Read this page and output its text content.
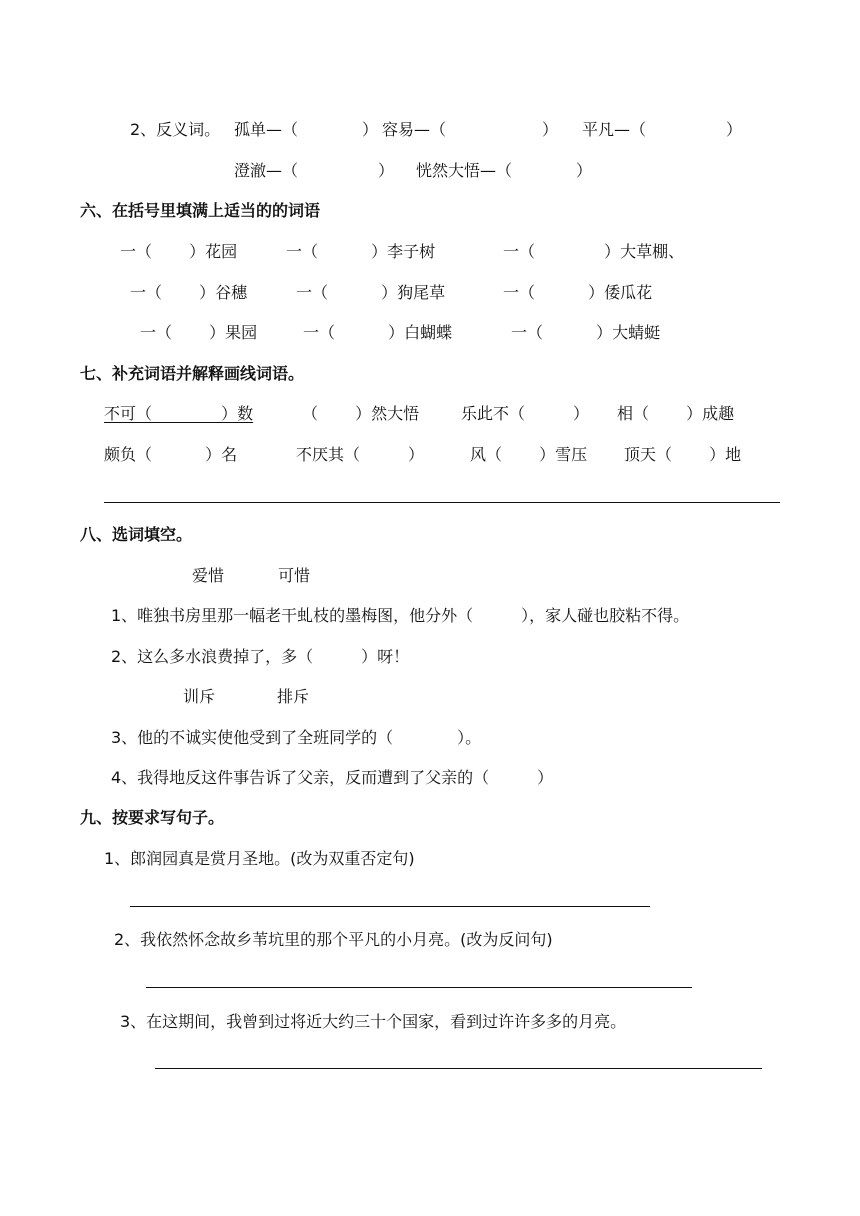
2、反义词。 孤单—（　　　　） 容易—（　　　　　　） 平凡—（　　　　　）
澄澈—（　　　　　） 恍然大悟—（　　　　）
六、在括号里填满上适当的的词语
一（　　 ）花园	一（　　　 ）李子树	一（　　　　 ）大草棚、
一（　　 ）谷穗	一（　　　 ）狗尾草	一（　　　 ）倭瓜花
一（　　 ）果园	一（　　　 ）白蝴蝶	一（　　　 ）大蜻蜓
七、补充词语并解释画线词语。
不可（　　　　 ）数	（　　 ）然大悟	乐此不（　　　） 相（　　 ）成趣
颇负（　　　 ）名	不厌其（　　　）	风（　　 ）雪压 顶天（　　 ）地
八、选词填空。
爱惜	可惜
1、唯独书房里那一幅老干虬枝的墨梅图，他分外（　　　），家人碰也胶粘不得。
2、这么多水浪费掉了，多（　　　）呀！
训斥	排斥
3、他的不诚实使他受到了全班同学的（　　　　）。
4、我得地反这件事告诉了父亲，反而遭到了父亲的（　　　）
九、按要求写句子。
1、郎润园真是赏月圣地。(改为双重否定句)
2、我依然怀念故乡苇坑里的那个平凡的小月亮。(改为反问句)
3、在这期间，我曾到过将近大约三十个国家，看到过许许多多的月亮。
